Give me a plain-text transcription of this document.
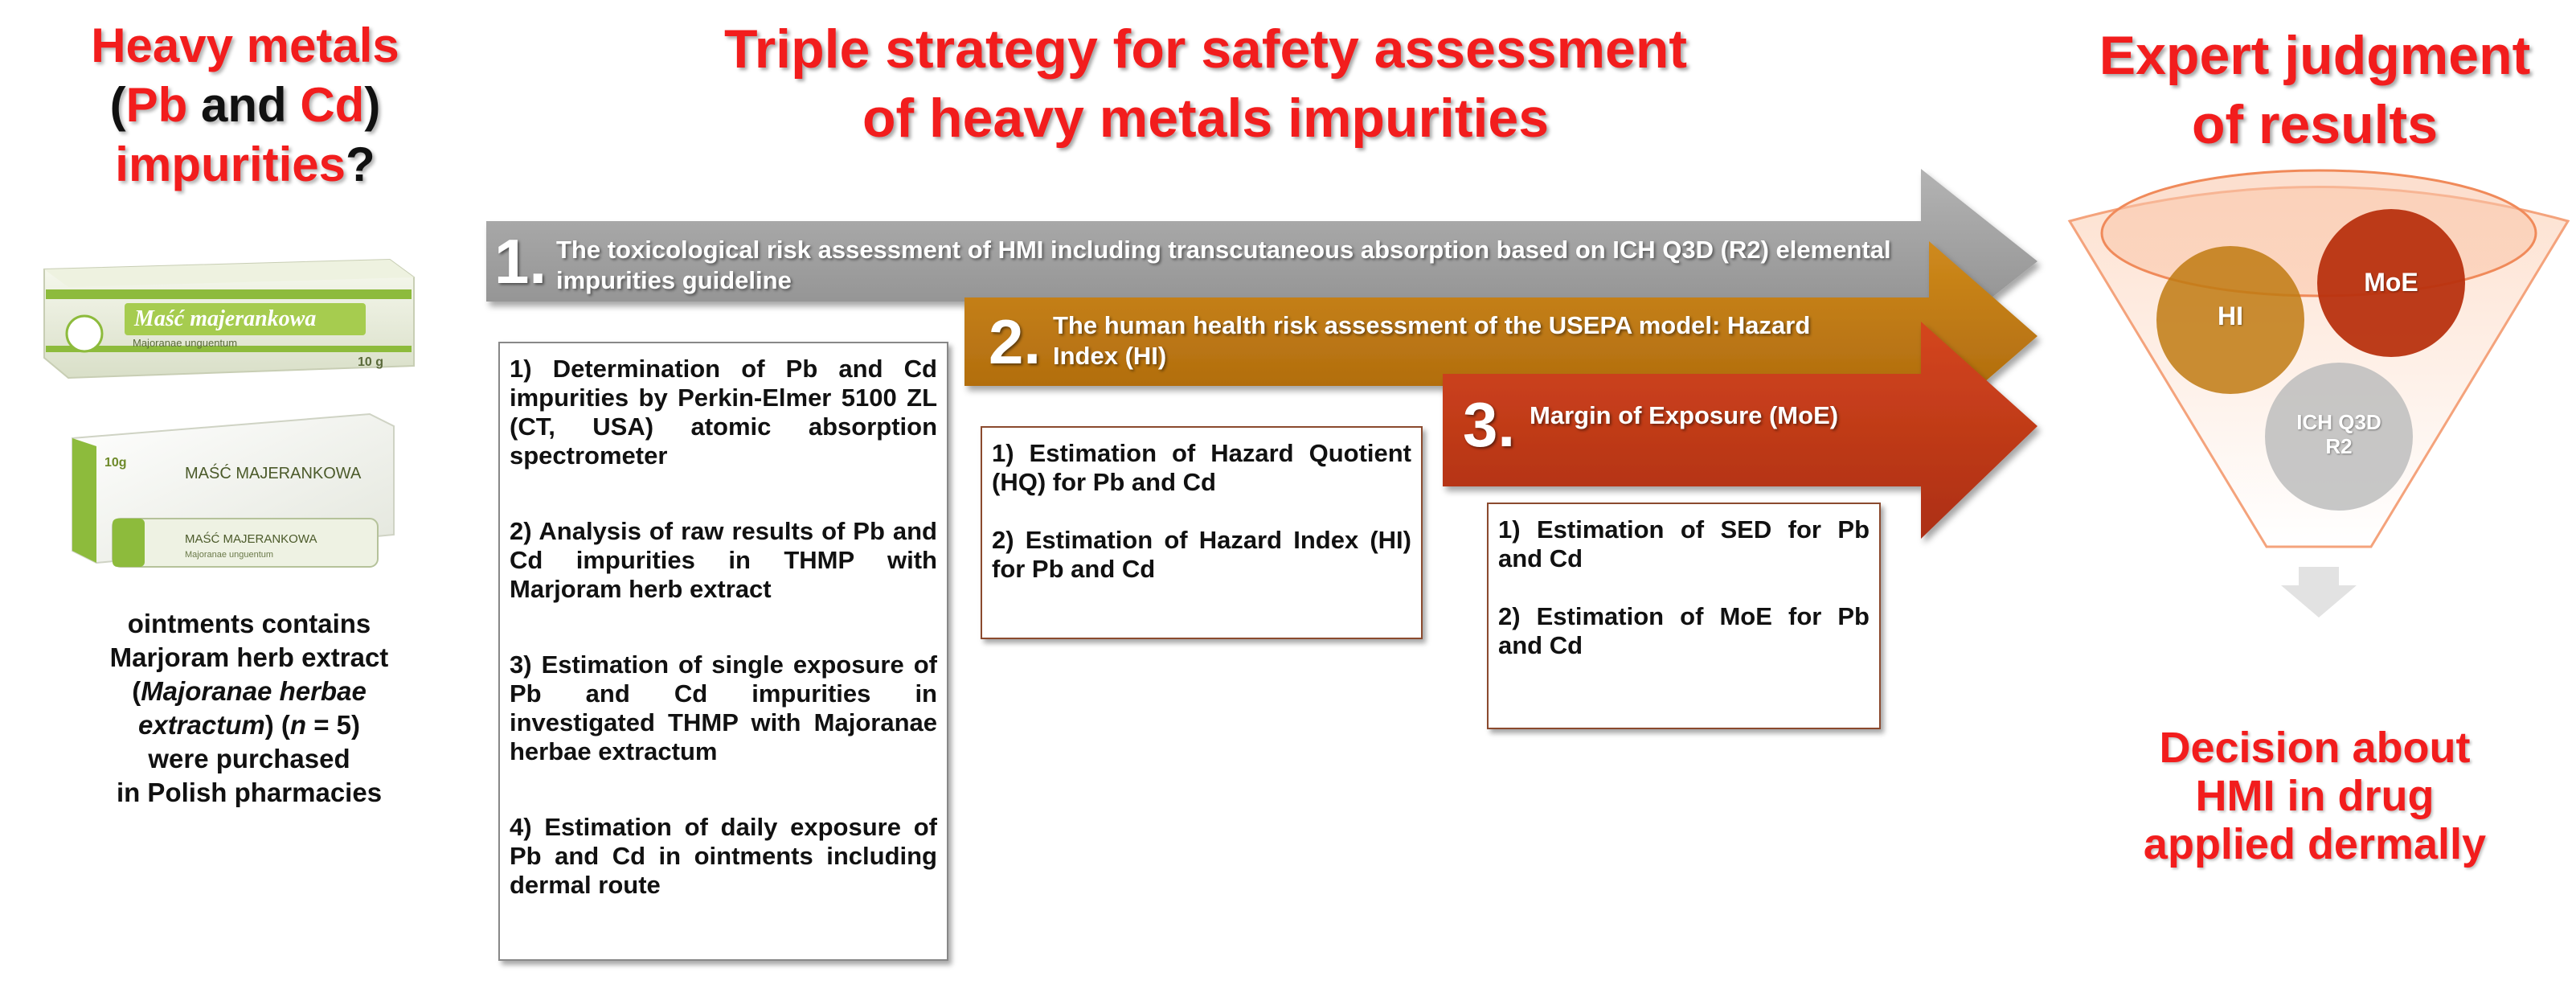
Heavy metals
(Pb and Cd)
impurities?
Maść majerankowa
Majoranae unguentum
10 g
10g
MAŚĆ MAJERANKOWA
MAŚĆ MAJERANKOWA
Majoranae unguentum
ointments contains
Marjoram herb extract
(Majoranae herbae
extractum) (n = 5)
were purchased
in Polish pharmacies
Triple strategy for safety assessment
of heavy metals impurities
Expert judgment
of results
1. The toxicological risk assessment of HMI including transcutaneous absorption based on ICH Q3D (R2) elemental impurities guideline
2. The human health risk assessment of the USEPA model: Hazard Index (HI)
3. Margin of Exposure (MoE)

1) Determination of Pb and Cd impurities by Perkin-Elmer 5100 ZL (CT, USA) atomic absorption spectrometer

2) Analysis of raw results of Pb and Cd impurities in THMP with Marjoram herb extract

3) Estimation of single exposure of Pb and Cd impurities in investigated THMP with Majoranae herbae extractum

4) Estimation of daily exposure of Pb and Cd in ointments including dermal route

1) Estimation of Hazard Quotient (HQ) for Pb and Cd

2) Estimation of Hazard Index (HI) for Pb and Cd

1) Estimation of SED for Pb and Cd

2) Estimation of MoE for Pb and Cd

HI
MoE
ICH Q3D
R2
Decision about
HMI in drug
applied dermally
